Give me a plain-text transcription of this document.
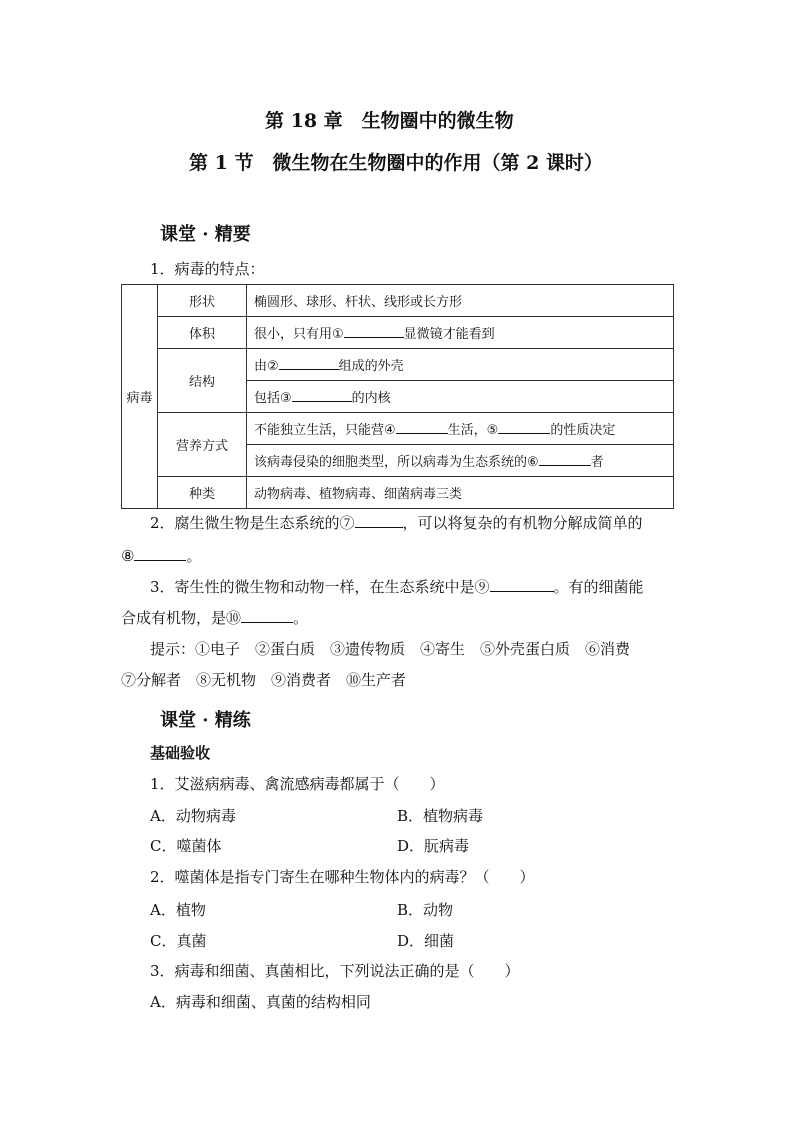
第 18 章　生物圈中的微生物
第 1 节　微生物在生物圈中的作用（第 2 课时）
课堂 · 精要
1．病毒的特点：
病毒	形状	椭圆形、球形、杆状、线形或长方形
	体积	很小，只有用① 显微镜才能看到
	结构	由② 组成的外壳
		包括③ 的内核
	营养方式	不能独立生活，只能营④ 生活，⑤ 的性质决定
		该病毒侵染的细胞类型，所以病毒为生态系统的⑥ 者
	种类	动物病毒、植物病毒、细菌病毒三类
2．腐生微生物是生态系统的⑦	，可以将复杂的有机物分解成简单的
⑧	。
3．寄生性的微生物和动物一样，在生态系统中是⑨	。有的细菌能
合成有机物，是⑩	。
提示：①电子　②蛋白质　③遗传物质　④寄生　⑤外壳蛋白质　⑥消费
⑦分解者　⑧无机物　⑨消费者　⑩生产者
课堂 · 精练
基础验收
1．艾滋病病毒、禽流感病毒都属于（　　）
A．动物病毒	B．植物病毒
C．噬菌体	D．朊病毒
2．噬菌体是指专门寄生在哪种生物体内的病毒？（　　）
A．植物	B．动物
C．真菌	D．细菌
3．病毒和细菌、真菌相比，下列说法正确的是（　　）
A．病毒和细菌、真菌的结构相同
